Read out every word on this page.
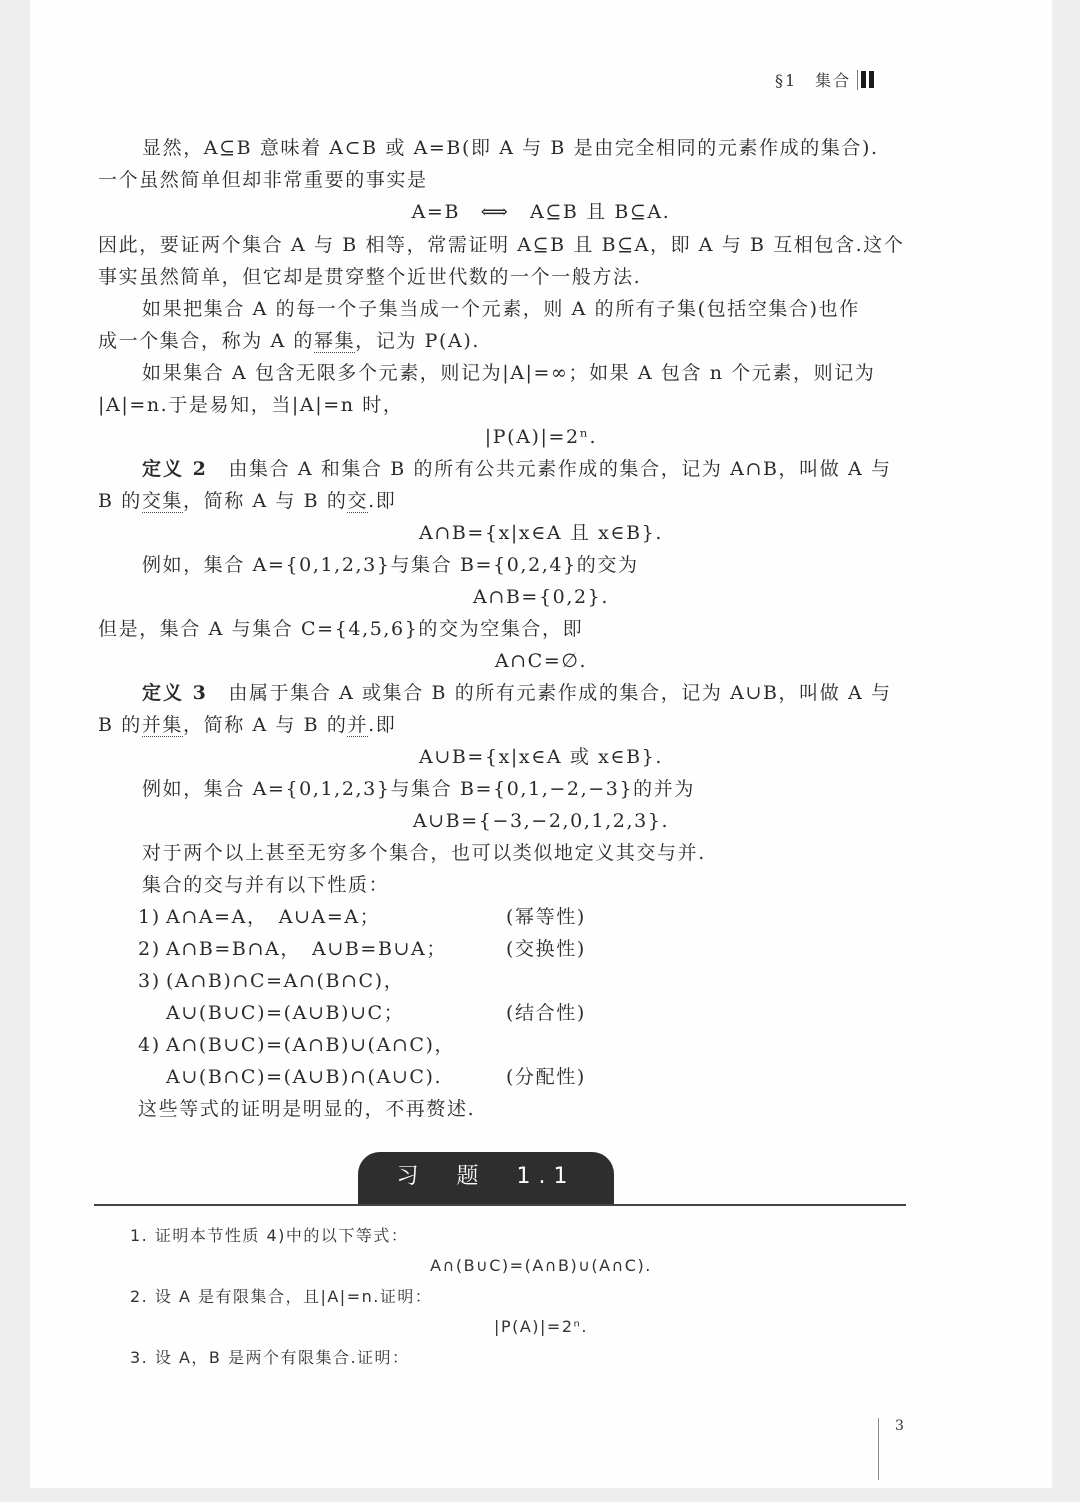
§1　集合
显然，A⊆B 意味着 A⊂B 或 A=B(即 A 与 B 是由完全相同的元素作成的集合).
一个虽然简单但却非常重要的事实是
A=B　⟺　A⊆B 且 B⊆A.
因此，要证两个集合 A 与 B 相等，常需证明 A⊆B 且 B⊆A，即 A 与 B 互相包含.这个
事实虽然简单，但它却是贯穿整个近世代数的一个一般方法.
如果把集合 A 的每一个子集当成一个元素，则 A 的所有子集(包括空集合)也作
成一个集合，称为 A 的幂集，记为 P(A).
如果集合 A 包含无限多个元素，则记为|A|=∞；如果 A 包含 n 个元素，则记为
|A|=n.于是易知，当|A|=n 时，
|P(A)|=2ⁿ.
定义 2　 由集合 A 和集合 B 的所有公共元素作成的集合，记为 A∩B，叫做 A 与
B 的交集，简称 A 与 B 的交.即
A∩B={x|x∈A 且 x∈B}.
例如，集合 A={0,1,2,3}与集合 B={0,2,4}的交为
A∩B={0,2}.
但是，集合 A 与集合 C={4,5,6}的交为空集合，即
A∩C=∅.
定义 3　 由属于集合 A 或集合 B 的所有元素作成的集合，记为 A∪B，叫做 A 与
B 的并集，简称 A 与 B 的并.即
A∪B={x|x∈A 或 x∈B}.
例如，集合 A={0,1,2,3}与集合 B={0,1,−2,−3}的并为
A∪B={−3,−2,0,1,2,3}.
对于两个以上甚至无穷多个集合，也可以类似地定义其交与并.
集合的交与并有以下性质：
1) A∩A=A，　A∪A=A；	(幂等性)
2) A∩B=B∩A，　A∪B=B∪A；	(交换性)
3) (A∩B)∩C=A∩(B∩C)，
A∪(B∪C)=(A∪B)∪C；	(结合性)
4) A∩(B∪C)=(A∩B)∪(A∩C)，
A∪(B∩C)=(A∪B)∩(A∪C).	(分配性)
这些等式的证明是明显的，不再赘述.
习　题　1.1
1. 证明本节性质 4)中的以下等式：
A∩(B∪C)=(A∩B)∪(A∩C).
2. 设 A 是有限集合，且|A|=n.证明：
|P(A)|=2ⁿ.
3. 设 A，B 是两个有限集合.证明：
3
